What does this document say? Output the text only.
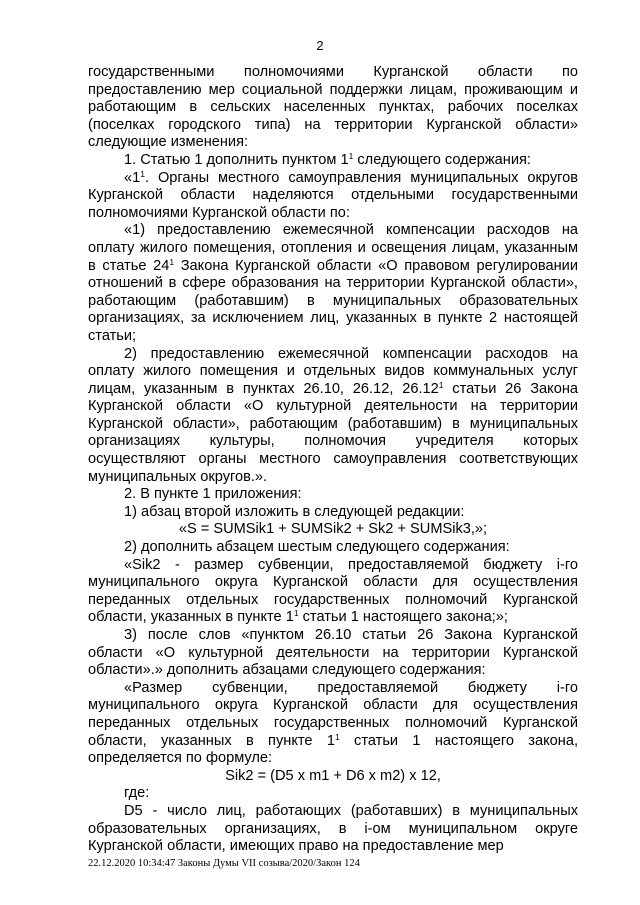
2

государственными полномочиями Курганской области по предоставлению мер социальной поддержки лицам, проживающим и работающим в сельских населенных пунктах, рабочих поселках (поселках городского типа) на территории Курганской области» следующие изменения:

1. Статью 1 дополнить пунктом $1^1$ следующего содержания:

«$1^1$. Органы местного самоуправления муниципальных округов Курганской области наделяются отдельными государственными полномочиями Курганской области по:

«1) предоставлению ежемесячной компенсации расходов на оплату жилого помещения, отопления и освещения лицам, указанным в статье $24^1$ Закона Курганской области «О правовом регулировании отношений в сфере образования на территории Курганской области», работающим (работавшим) в муниципальных образовательных организациях, за исключением лиц, указанных в пункте 2 настоящей статьи;

2) предоставлению ежемесячной компенсации расходов на оплату жилого помещения и отдельных видов коммунальных услуг лицам, указанным в пунктах 26.10, 26.12, 26.12$^1$ статьи 26 Закона Курганской области «О культурной деятельности на территории Курганской области», работающим (работавшим) в муниципальных организациях культуры, полномочия учредителя которых осуществляют органы местного самоуправления соответствующих муниципальных округов.».

2. В пункте 1 приложения:

1) абзац второй изложить в следующей редакции:

«S = SUMSik1 + SUMSik2 + Sk2 + SUMSik3,»;

2) дополнить абзацем шестым следующего содержания:

«Sik2 - размер субвенции, предоставляемой бюджету i-го муниципального округа Курганской области для осуществления переданных отдельных государственных полномочий Курганской области, указанных в пункте $1^1$ статьи 1 настоящего закона;»;

3) после слов «пунктом 26.10 статьи 26 Закона Курганской области «О культурной деятельности на территории Курганской области».» дополнить абзацами следующего содержания:

«Размер субвенции, предоставляемой бюджету i-го муниципального округа Курганской области для осуществления переданных отдельных государственных полномочий Курганской области, указанных в пункте $1^1$ статьи 1 настоящего закона, определяется по формуле:

Sik2 = (D5 x m1 + D6 x m2) x 12,

где:

D5 - число лиц, работающих (работавших) в муниципальных образовательных организациях, в i-ом муниципальном округе Курганской области, имеющих право на предоставление мер

22.12.2020 10:34:47 Законы Думы VII созыва/2020/Закон 124
